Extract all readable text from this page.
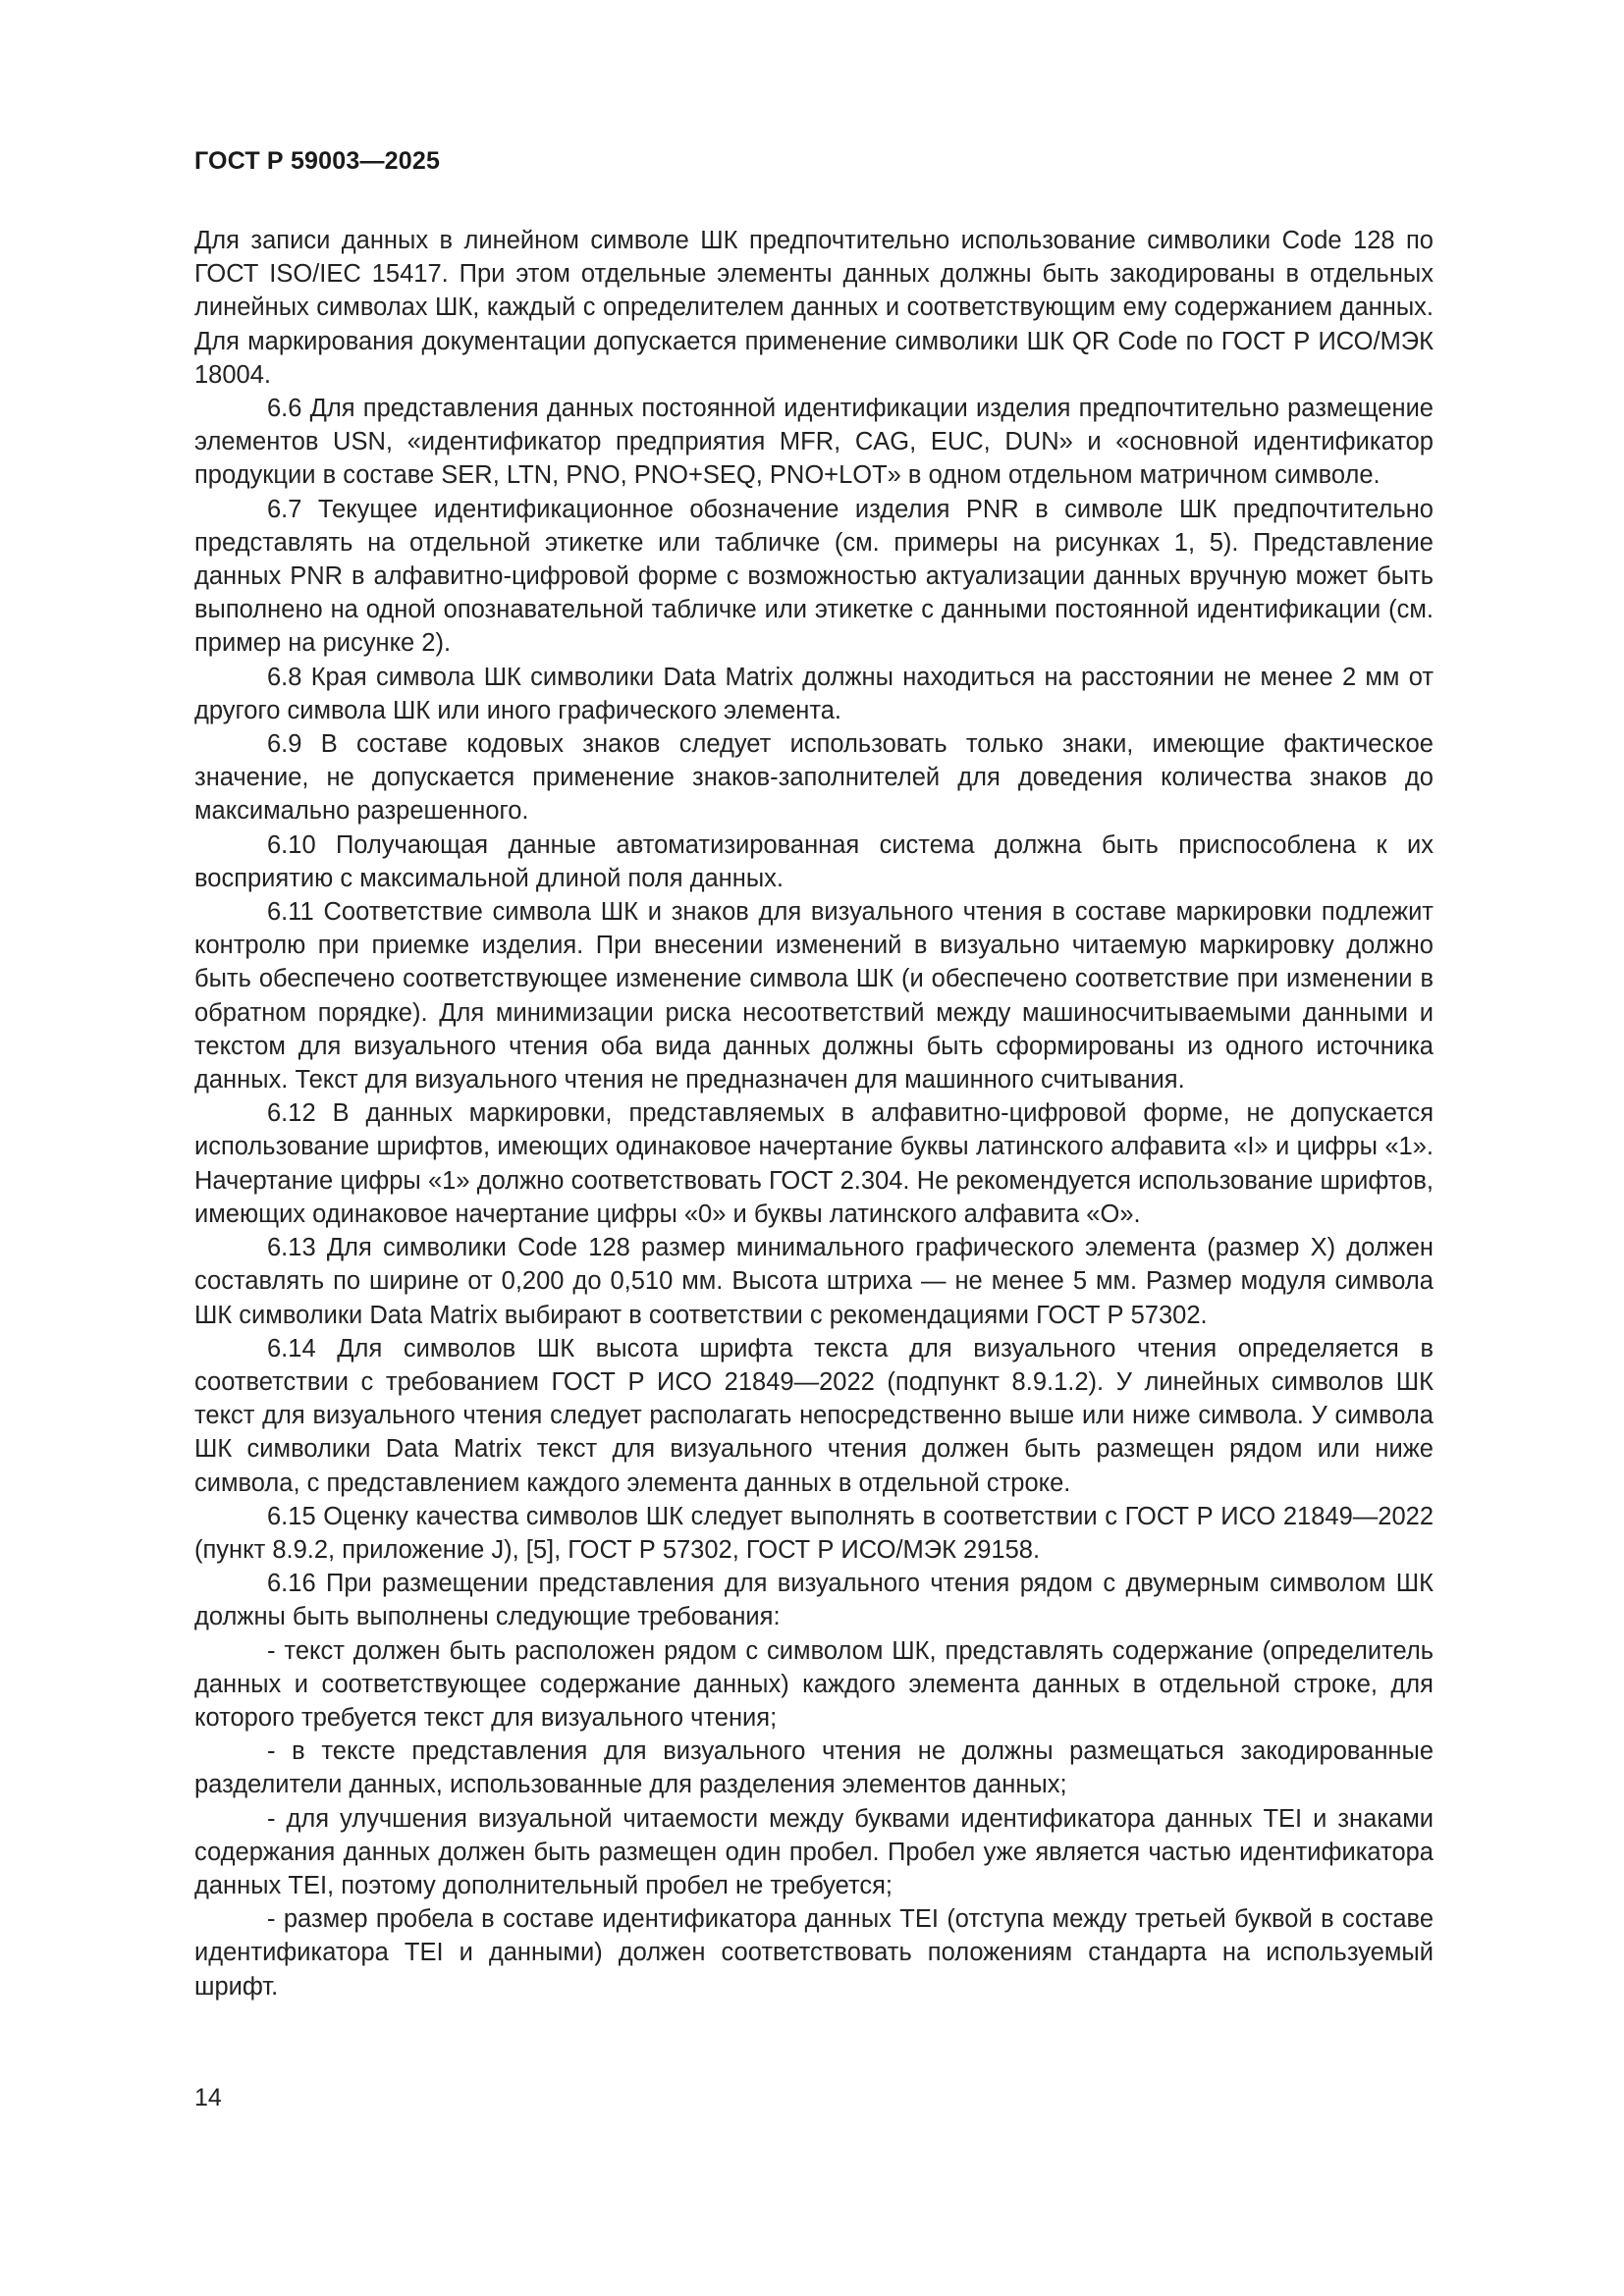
ГОСТ Р 59003—2025

Для записи данных в линейном символе ШК предпочтительно использование символики Code 128 по ГОСТ ISO/IEC 15417. При этом отдельные элементы данных должны быть закодированы в отдельных линейных символах ШК, каждый с определителем данных и соответствующим ему содержанием данных. Для маркирования документации допускается применение символики ШК QR Code по ГОСТ Р ИСО/МЭК 18004.

6.6 Для представления данных постоянной идентификации изделия предпочтительно размещение элементов USN, «идентификатор предприятия MFR, CAG, EUC, DUN» и «основной идентификатор продукции в составе SER, LTN, PNO, PNO+SEQ, PNO+LOT» в одном отдельном матричном символе.

6.7 Текущее идентификационное обозначение изделия PNR в символе ШК предпочтительно представлять на отдельной этикетке или табличке (см. примеры на рисунках 1, 5). Представление данных PNR в алфавитно-цифровой форме с возможностью актуализации данных вручную может быть выполнено на одной опознавательной табличке или этикетке с данными постоянной идентификации (см. пример на рисунке 2).

6.8 Края символа ШК символики Data Matrix должны находиться на расстоянии не менее 2 мм от другого символа ШК или иного графического элемента.

6.9 В составе кодовых знаков следует использовать только знаки, имеющие фактическое значение, не допускается применение знаков-заполнителей для доведения количества знаков до максимально разрешенного.

6.10 Получающая данные автоматизированная система должна быть приспособлена к их восприятию с максимальной длиной поля данных.

6.11 Соответствие символа ШК и знаков для визуального чтения в составе маркировки подлежит контролю при приемке изделия. При внесении изменений в визуально читаемую маркировку должно быть обеспечено соответствующее изменение символа ШК (и обеспечено соответствие при изменении в обратном порядке). Для минимизации риска несоответствий между машиносчитываемыми данными и текстом для визуального чтения оба вида данных должны быть сформированы из одного источника данных. Текст для визуального чтения не предназначен для машинного считывания.

6.12 В данных маркировки, представляемых в алфавитно-цифровой форме, не допускается использование шрифтов, имеющих одинаковое начертание буквы латинского алфавита «I» и цифры «1». Начертание цифры «1» должно соответствовать ГОСТ 2.304. Не рекомендуется использование шрифтов, имеющих одинаковое начертание цифры «0» и буквы латинского алфавита «О».

6.13 Для символики Code 128 размер минимального графического элемента (размер X) должен составлять по ширине от 0,200 до 0,510 мм. Высота штриха — не менее 5 мм. Размер модуля символа ШК символики Data Matrix выбирают в соответствии с рекомендациями ГОСТ Р 57302.

6.14 Для символов ШК высота шрифта текста для визуального чтения определяется в соответствии с требованием ГОСТ Р ИСО 21849—2022 (подпункт 8.9.1.2). У линейных символов ШК текст для визуального чтения следует располагать непосредственно выше или ниже символа. У символа ШК символики Data Matrix текст для визуального чтения должен быть размещен рядом или ниже символа, с представлением каждого элемента данных в отдельной строке.

6.15 Оценку качества символов ШК следует выполнять в соответствии с ГОСТ Р ИСО 21849—2022 (пункт 8.9.2, приложение J), [5], ГОСТ Р 57302, ГОСТ Р ИСО/МЭК 29158.

6.16 При размещении представления для визуального чтения рядом с двумерным символом ШК должны быть выполнены следующие требования:

- текст должен быть расположен рядом с символом ШК, представлять содержание (определитель данных и соответствующее содержание данных) каждого элемента данных в отдельной строке, для которого требуется текст для визуального чтения;

- в тексте представления для визуального чтения не должны размещаться закодированные разделители данных, использованные для разделения элементов данных;

- для улучшения визуальной читаемости между буквами идентификатора данных TEI и знаками содержания данных должен быть размещен один пробел. Пробел уже является частью идентификатора данных TEI, поэтому дополнительный пробел не требуется;

- размер пробела в составе идентификатора данных TEI (отступа между третьей буквой в составе идентификатора TEI и данными) должен соответствовать положениям стандарта на используемый шрифт.

14
